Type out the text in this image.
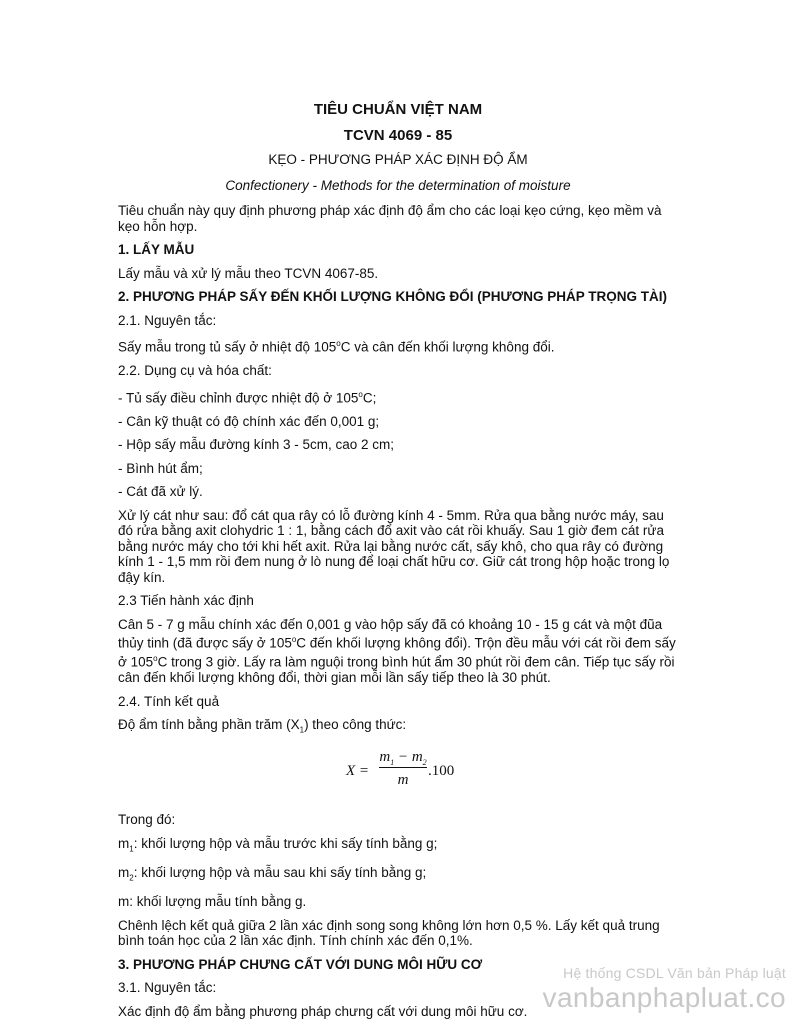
TIÊU CHUẨN VIỆT NAM
TCVN 4069 - 85
KẸO - PHƯƠNG PHÁP XÁC ĐỊNH ĐỘ ẨM
Confectionery - Methods for the determination of moisture

Tiêu chuẩn này quy định phương pháp xác định độ ẩm cho các loại kẹo cứng, kẹo mềm và kẹo hỗn hợp.

1. LẤY MẪU

Lấy mẫu và xử lý mẫu theo TCVN 4067-85.

2. PHƯƠNG PHÁP SẤY ĐẾN KHỐI LƯỢNG KHÔNG ĐỔI (PHƯƠNG PHÁP TRỌNG TÀI)

2.1. Nguyên tắc:

Sấy mẫu trong tủ sấy ở nhiệt độ 105$^o$C và cân đến khối lượng không đổi.

2.2. Dụng cụ và hóa chất:

- Tủ sấy điều chỉnh được nhiệt độ ở 105$^o$C;

- Cân kỹ thuật có độ chính xác đến 0,001 g;

- Hộp sấy mẫu đường kính 3 - 5cm, cao 2 cm;

- Bình hút ẩm;

- Cát đã xử lý.

Xử lý cát như sau: đổ cát qua rây có lỗ đường kính 4 - 5mm. Rửa qua bằng nước máy, sau đó rửa bằng axit clohydric 1 : 1, bằng cách đổ axit vào cát rồi khuấy. Sau 1 giờ đem cát rửa bằng nước máy cho tới khi hết axit. Rửa lại bằng nước cất, sấy khô, cho qua rây có đường kính 1 - 1,5 mm rồi đem nung ở lò nung để loại chất hữu cơ. Giữ cát trong hộp hoặc trong lọ đậy kín.

2.3 Tiến hành xác định

Cân 5 - 7 g mẫu chính xác đến 0,001 g vào hộp sấy đã có khoảng 10 - 15 g cát và một đũa thủy tinh (đã được sấy ở 105$^o$C đến khối lượng không đổi). Trộn đều mẫu với cát rồi đem sấy ở 105$^o$C trong 3 giờ. Lấy ra làm nguội trong bình hút ẩm 30 phút rồi đem cân. Tiếp tục sấy rồi cân đến khối lượng không đổi, thời gian mỗi lần sấy tiếp theo là 30 phút.

2.4. Tính kết quả

Độ ẩm tính bằng phần trăm $(X_1)$ theo công thức:

$X = \frac{m_1 - m_2}{m} .100$

Trong đó:

$m_1$: khối lượng hộp và mẫu trước khi sấy tính bằng g;

$m_2$: khối lượng hộp và mẫu sau khi sấy tính bằng g;

m: khối lượng mẫu tính bằng g.

Chênh lệch kết quả giữa 2 lần xác định song song không lớn hơn 0,5 %. Lấy kết quả trung bình toán học của 2 lần xác định. Tính chính xác đến 0,1%.

3. PHƯƠNG PHÁP CHƯNG CẤT VỚI DUNG MÔI HỮU CƠ

3.1. Nguyên tắc:

Xác định độ ẩm bằng phương pháp chưng cất với dung môi hữu cơ.

Hệ thống CSDL Văn bản Pháp luật
vanbanphapluat.co
